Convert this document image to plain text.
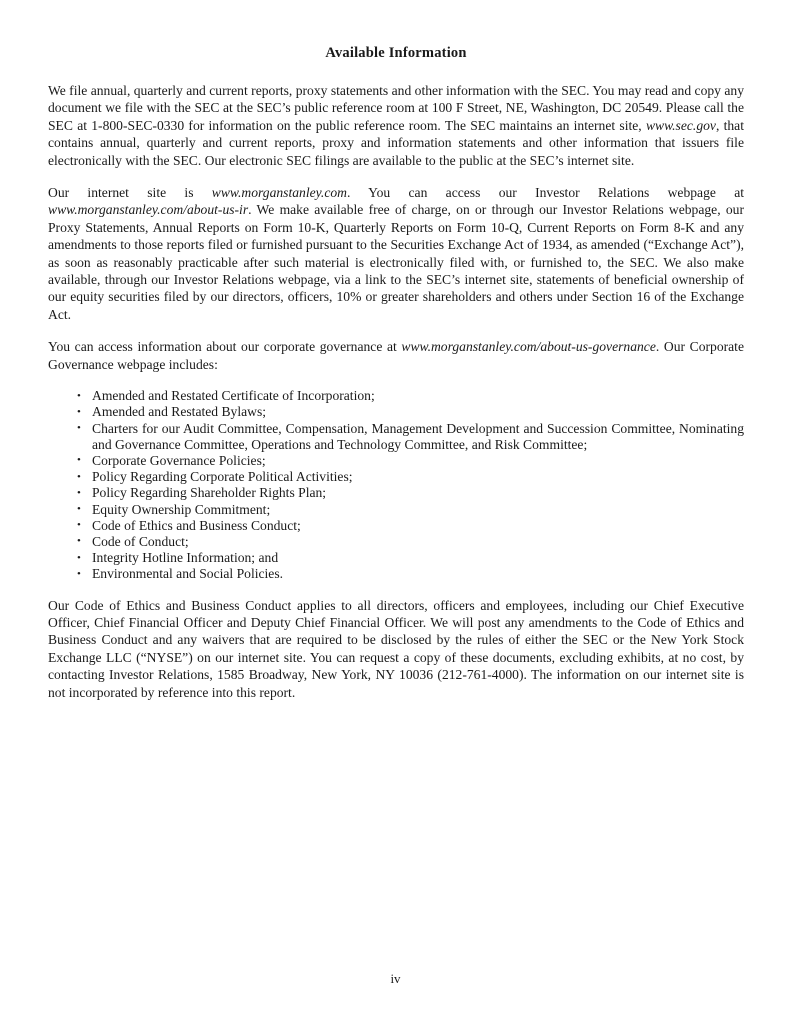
Available Information

We file annual, quarterly and current reports, proxy statements and other information with the SEC. You may read and copy any document we file with the SEC at the SEC’s public reference room at 100 F Street, NE, Washington, DC 20549. Please call the SEC at 1‑800‑SEC‑0330 for information on the public reference room. The SEC maintains an internet site, www.sec.gov, that contains annual, quarterly and current reports, proxy and information statements and other information that issuers file electronically with the SEC. Our electronic SEC filings are available to the public at the SEC’s internet site.

Our internet site is www.morganstanley.com. You can access our Investor Relations webpage at www.morganstanley.com/about‑us‑ir. We make available free of charge, on or through our Investor Relations webpage, our Proxy Statements, Annual Reports on Form 10‑K, Quarterly Reports on Form 10‑Q, Current Reports on Form 8‑K and any amendments to those reports filed or furnished pursuant to the Securities Exchange Act of 1934, as amended (“Exchange Act”), as soon as reasonably practicable after such material is electronically filed with, or furnished to, the SEC. We also make available, through our Investor Relations webpage, via a link to the SEC’s internet site, statements of beneficial ownership of our equity securities filed by our directors, officers, 10% or greater shareholders and others under Section 16 of the Exchange Act.

You can access information about our corporate governance at www.morganstanley.com/about‑us‑governance. Our Corporate Governance webpage includes:

• Amended and Restated Certificate of Incorporation;
• Amended and Restated Bylaws;
• Charters for our Audit Committee, Compensation, Management Development and Succession Committee, Nominating and Governance Committee, Operations and Technology Committee, and Risk Committee;
• Corporate Governance Policies;
• Policy Regarding Corporate Political Activities;
• Policy Regarding Shareholder Rights Plan;
• Equity Ownership Commitment;
• Code of Ethics and Business Conduct;
• Code of Conduct;
• Integrity Hotline Information; and
• Environmental and Social Policies.

Our Code of Ethics and Business Conduct applies to all directors, officers and employees, including our Chief Executive Officer, Chief Financial Officer and Deputy Chief Financial Officer. We will post any amendments to the Code of Ethics and Business Conduct and any waivers that are required to be disclosed by the rules of either the SEC or the New York Stock Exchange LLC (“NYSE”) on our internet site. You can request a copy of these documents, excluding exhibits, at no cost, by contacting Investor Relations, 1585 Broadway, New York, NY 10036 (212‑761‑4000). The information on our internet site is not incorporated by reference into this report.

iv
